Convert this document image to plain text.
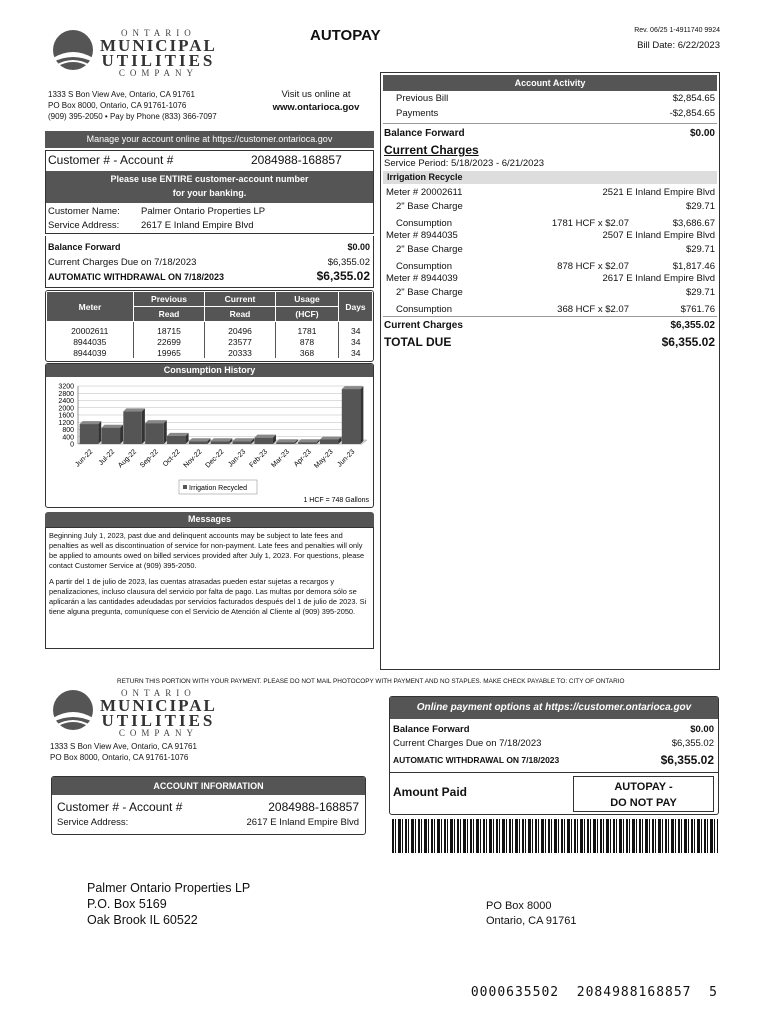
ONTARIO
MUNICIPAL
UTILITIES
COMPANY
AUTOPAY	Rev. 06/25 1-4911740 9924
Bill Date: 6/22/2023
1333 S Bon View Ave, Ontario, CA 91761
PO Box 8000, Ontario, CA 91761-1076
(909) 395-2050 • Pay by Phone (833) 366-7097
Visit us online at
www.ontarioca.gov
Manage your account online at https://customer.ontarioca.gov
Customer # - Account #	2084988-168857
Please use ENTIRE customer-account number
for your banking.
Customer Name: Palmer Ontario Properties LP
Service Address: 2617 E Inland Empire Blvd
Balance Forward	$0.00
Current Charges Due on 7/18/2023	$6,355.02
AUTOMATIC WITHDRAWAL ON 7/18/2023	$6,355.02
Meter	Previous	Current	Usage	Days
	Read	Read	(HCF)	
20002611	18715	20496	1781	34
8944035	22699	23577	878	34
8944039	19965	20333	368	34
Consumption History
3200
2800
2400
2000
1600
1200
800
400
0
Jun-22 Jul-22 Aug-22 Sep-22 Oct-22 Nov-22 Dec-22 Jan-23 Feb-23 Mar-23 Apr-23 May-23 Jun-23
Irrigation Recycled
1 HCF = 748 Gallons
Messages

Beginning July 1, 2023, past due and delinquent accounts may be subject to late fees and penalties as well as discontinuation of service for non-payment. Late fees and penalties will only be applied to amounts owed on billed services provided after July 1, 2023. For questions, please contact Customer Service at (909) 395-2050.

A partir del 1 de julio de 2023, las cuentas atrasadas pueden estar sujetas a recargos y penalizaciones, incluso clausura del servicio por falta de pago. Las multas por demora sólo se aplicarán a las cantidades adeudadas por servicios facturados después del 1 de julio de 2023. Si tiene alguna pregunta, comuníquese con el Servicio de Atención al Cliente al (909) 395-2050.

Account Activity
Previous Bill	$2,854.65
Payments	-$2,854.65
Balance Forward	$0.00
Current Charges
Service Period: 5/18/2023 - 6/21/2023
Irrigation Recycle
Meter # 20002611	2521 E Inland Empire Blvd
2" Base Charge	$29.71
Consumption	1781 HCF x $2.07	$3,686.67
Meter # 8944035	2507 E Inland Empire Blvd
2" Base Charge	$29.71
Consumption	878 HCF x $2.07	$1,817.46
Meter # 8944039	2617 E Inland Empire Blvd
2" Base Charge	$29.71
Consumption	368 HCF x $2.07	$761.76
Current Charges	$6,355.02
TOTAL DUE	$6,355.02
RETURN THIS PORTION WITH YOUR PAYMENT. PLEASE DO NOT MAIL PHOTOCOPY WITH PAYMENT AND NO STAPLES. MAKE CHECK PAYABLE TO: CITY OF ONTARIO
ONTARIO
MUNICIPAL
UTILITIES
COMPANY
1333 S Bon View Ave, Ontario, CA 91761
PO Box 8000, Ontario, CA 91761-1076
ACCOUNT INFORMATION
Customer # - Account #	2084988-168857
Service Address:	2617 E Inland Empire Blvd
Online payment options at https://customer.ontarioca.gov
Balance Forward	$0.00
Current Charges Due on 7/18/2023	$6,355.02
AUTOMATIC WITHDRAWAL ON 7/18/2023	$6,355.02
Amount Paid	AUTOPAY -
DO NOT PAY
Palmer Ontario Properties LP
P.O. Box 5169
Oak Brook IL 60522
PO Box 8000
Ontario, CA 91761
0000635502  2084988168857  5
